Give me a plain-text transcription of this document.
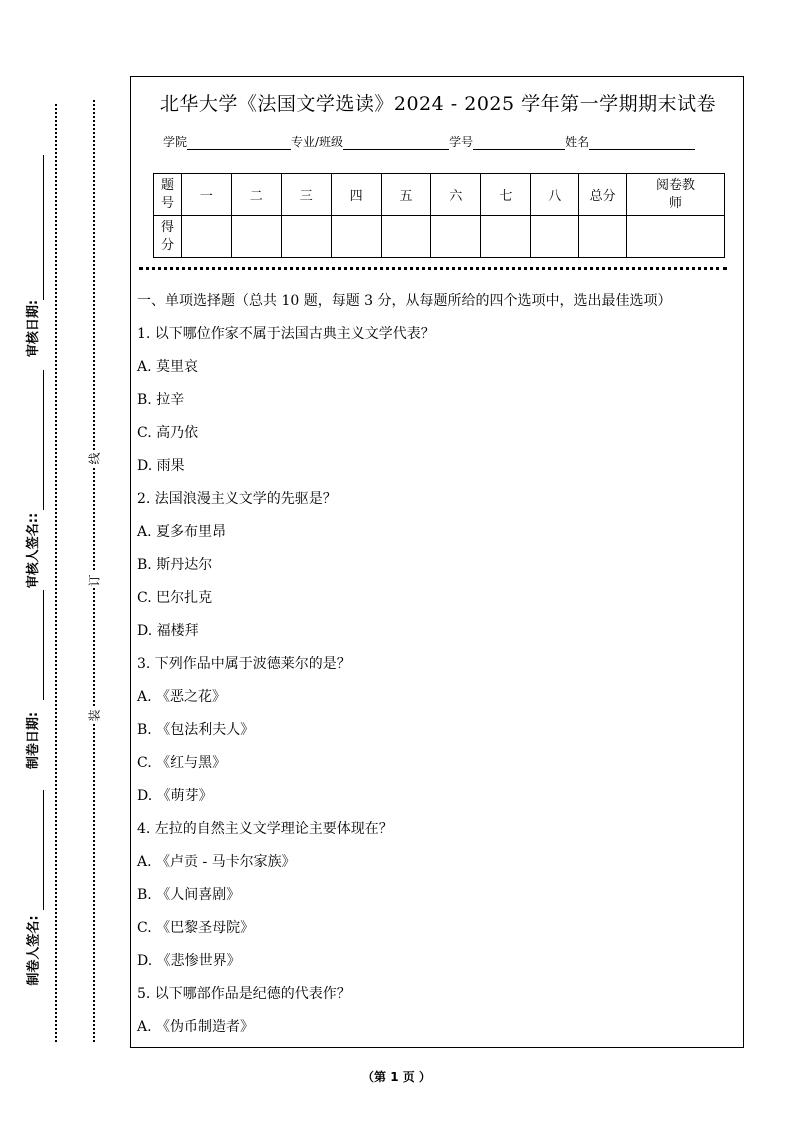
审核日期:
审核人签名::
制卷日期:
制卷人签名:
线
订
装
北华大学《法国文学选读》2024 - 2025 学年第一学期期末试卷
学院	专业/班级	学号	姓名
题号	一	二	三	四	五	六	七	八	总分	阅卷教师

得分										

一、单项选择题（总共 10 题，每题 3 分，从每题所给的四个选项中，选出最佳选项）
1. 以下哪位作家不属于法国古典主义文学代表？
A. 莫里哀
B. 拉辛
C. 高乃依
D. 雨果
2. 法国浪漫主义文学的先驱是？
A. 夏多布里昂
B. 斯丹达尔
C. 巴尔扎克
D. 福楼拜
3. 下列作品中属于波德莱尔的是？
A. 《恶之花》
B. 《包法利夫人》
C. 《红与黑》
D. 《萌芽》
4. 左拉的自然主义文学理论主要体现在？
A. 《卢贡 - 马卡尔家族》
B. 《人间喜剧》
C. 《巴黎圣母院》
D. 《悲惨世界》
5. 以下哪部作品是纪德的代表作？
A. 《伪币制造者》
（第 1 页 ）
